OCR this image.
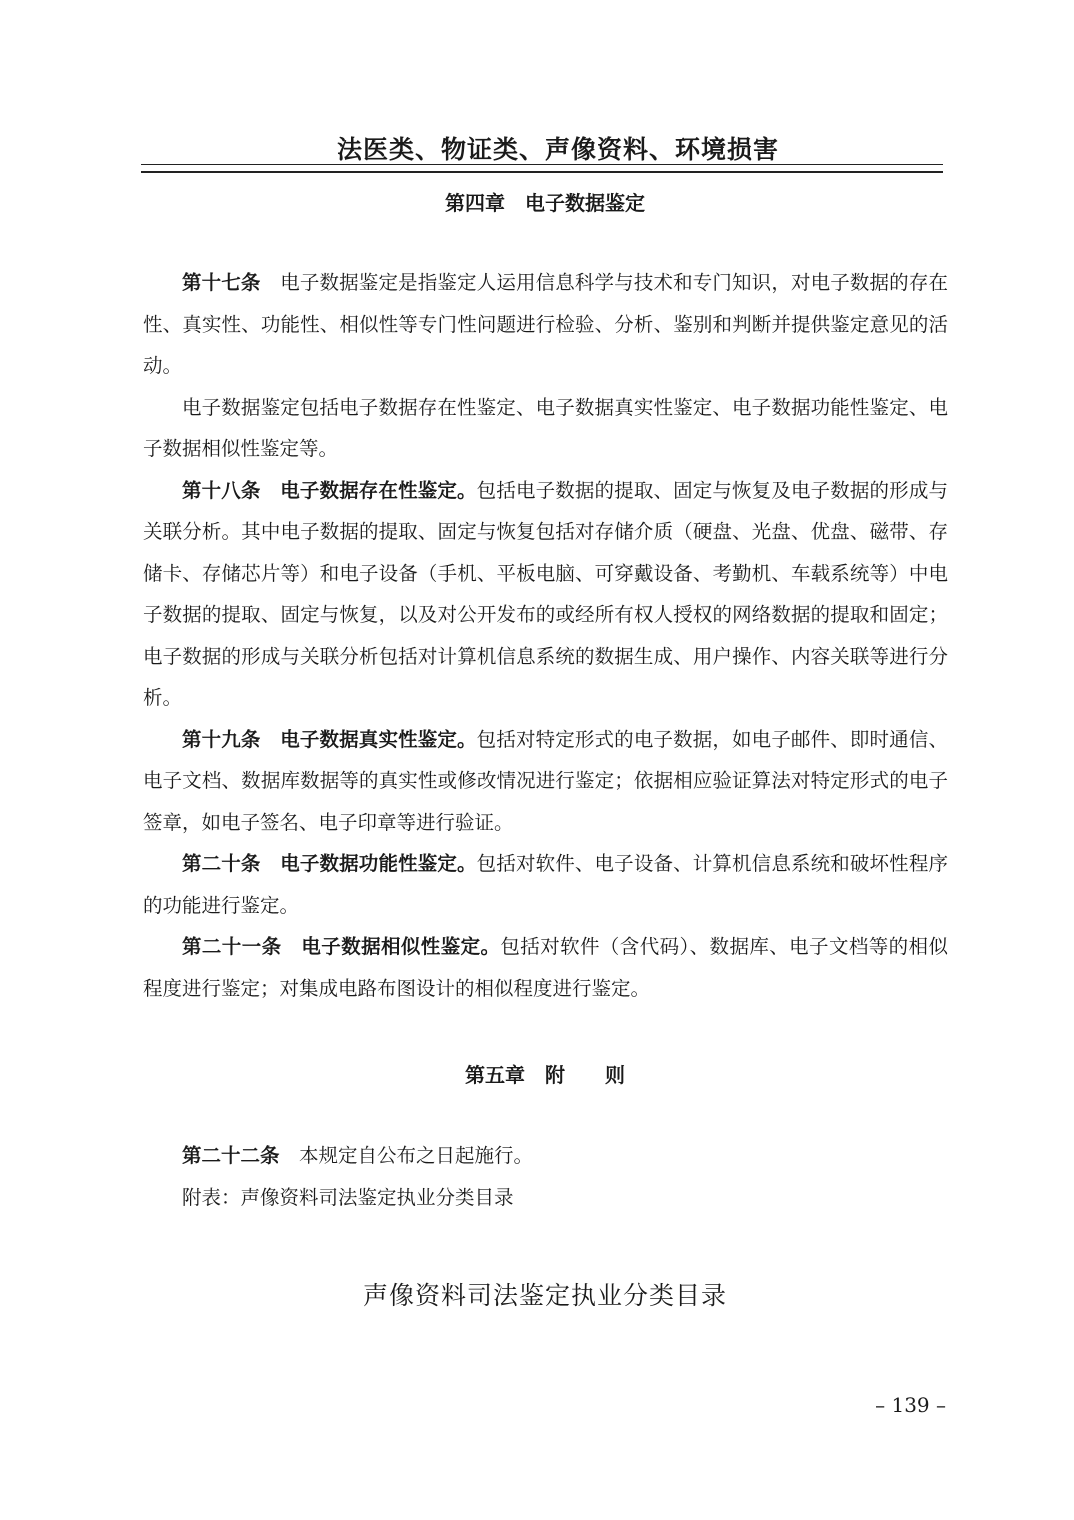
法医类、物证类、声像资料、环境损害
第四章　电子数据鉴定

第十七条　 电子数据鉴定是指鉴定人运用信息科学与技术和专门知识，对电子数据的存在性、真实性、功能性、相似性等专门性问题进行检验、分析、鉴别和判断并提供鉴定意见的活动。

电子数据鉴定包括电子数据存在性鉴定、电子数据真实性鉴定、电子数据功能性鉴定、电子数据相似性鉴定等。

第十八条　 电子数据存在性鉴定。包括电子数据的提取、固定与恢复及电子数据的形成与关联分析。其中电子数据的提取、固定与恢复包括对存储介质（硬盘、光盘、优盘、磁带、存储卡、存储芯片等）和电子设备（手机、平板电脑、可穿戴设备、考勤机、车载系统等）中电子数据的提取、固定与恢复，以及对公开发布的或经所有权人授权的网络数据的提取和固定；电子数据的形成与关联分析包括对计算机信息系统的数据生成、用户操作、内容关联等进行分析。

第十九条　 电子数据真实性鉴定。包括对特定形式的电子数据，如电子邮件、即时通信、电子文档、数据库数据等的真实性或修改情况进行鉴定；依据相应验证算法对特定形式的电子签章，如电子签名、电子印章等进行验证。

第二十条　 电子数据功能性鉴定。包括对软件、电子设备、计算机信息系统和破坏性程序的功能进行鉴定。

第二十一条　 电子数据相似性鉴定。包括对软件（含代码）、数据库、电子文档等的相似程度进行鉴定；对集成电路布图设计的相似程度进行鉴定。

第五章　附　　则

第二十二条　 本规定自公布之日起施行。

附表：声像资料司法鉴定执业分类目录

声像资料司法鉴定执业分类目录
– 139 –
